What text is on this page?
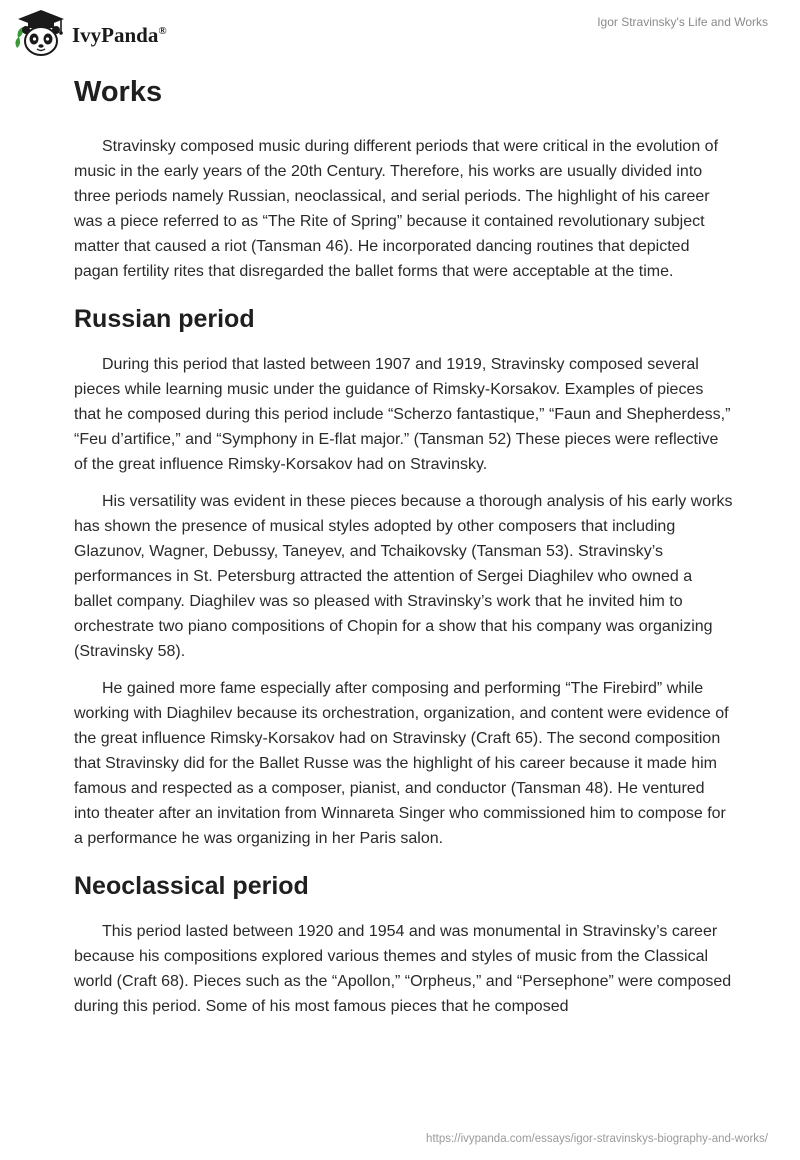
IvyPanda®
Igor Stravinsky's Life and Works
Works

Stravinsky composed music during different periods that were critical in the evolution of music in the early years of the 20th Century. Therefore, his works are usually divided into three periods namely Russian, neoclassical, and serial periods. The highlight of his career was a piece referred to as “The Rite of Spring” because it contained revolutionary subject matter that caused a riot (Tansman 46). He incorporated dancing routines that depicted pagan fertility rites that disregarded the ballet forms that were acceptable at the time.

Russian period

During this period that lasted between 1907 and 1919, Stravinsky composed several pieces while learning music under the guidance of Rimsky-Korsakov. Examples of pieces that he composed during this period include “Scherzo fantastique,” “Faun and Shepherdess,” “Feu d’artifice,” and “Symphony in E-flat major.” (Tansman 52) These pieces were reflective of the great influence Rimsky-Korsakov had on Stravinsky.

His versatility was evident in these pieces because a thorough analysis of his early works has shown the presence of musical styles adopted by other composers that including Glazunov, Wagner, Debussy, Taneyev, and Tchaikovsky (Tansman 53). Stravinsky’s performances in St. Petersburg attracted the attention of Sergei Diaghilev who owned a ballet company. Diaghilev was so pleased with Stravinsky’s work that he invited him to orchestrate two piano compositions of Chopin for a show that his company was organizing (Stravinsky 58).

He gained more fame especially after composing and performing “The Firebird” while working with Diaghilev because its orchestration, organization, and content were evidence of the great influence Rimsky-Korsakov had on Stravinsky (Craft 65). The second composition that Stravinsky did for the Ballet Russe was the highlight of his career because it made him famous and respected as a composer, pianist, and conductor (Tansman 48). He ventured into theater after an invitation from Winnareta Singer who commissioned him to compose for a performance he was organizing in her Paris salon.

Neoclassical period

This period lasted between 1920 and 1954 and was monumental in Stravinsky’s career because his compositions explored various themes and styles of music from the Classical world (Craft 68). Pieces such as the “Apollon,” “Orpheus,” and “Persephone” were composed during this period. Some of his most famous pieces that he composed

https://ivypanda.com/essays/igor-stravinskys-biography-and-works/
